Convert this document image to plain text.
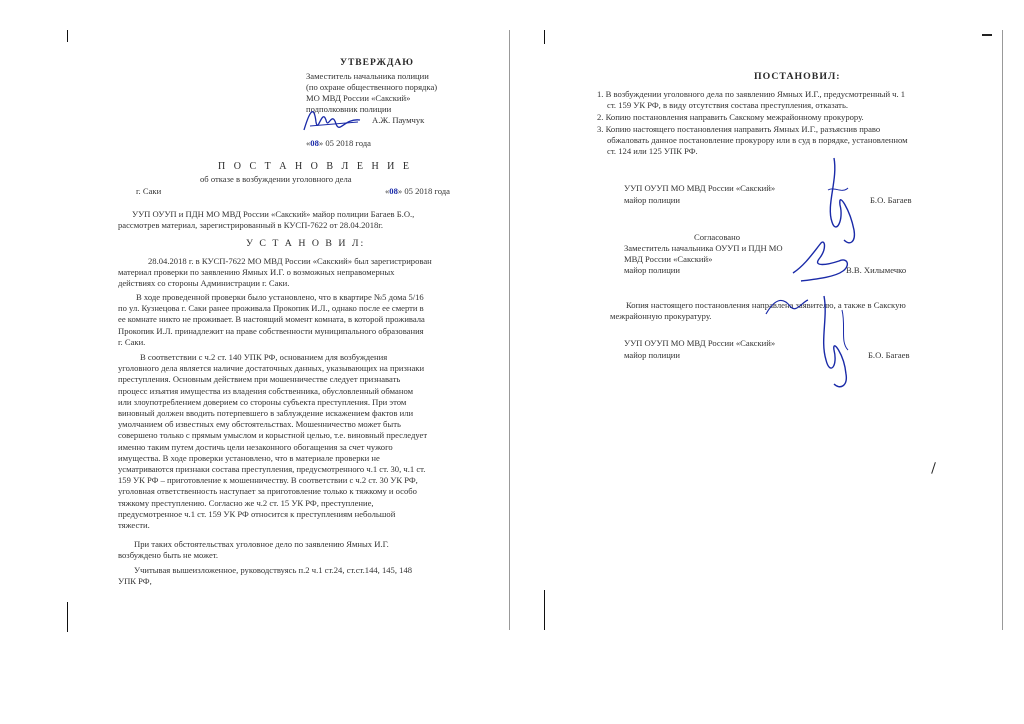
УТВЕРЖДАЮ
Заместитель начальника полиции
(по охране общественного порядка)
МО МВД России «Сакский»
подполковник полиции
А.Ж. Паумчук
«08» 05 2018 года
П О С Т А Н О В Л Е Н И Е
об отказе в возбуждении уголовного дела
г. Саки	«08» 05 2018 года
УУП ОУУП и ПДН МО МВД России «Сакский» майор полиции Багаев Б.О.,
рассмотрев материал, зарегистрированный в КУСП-7622 от 28.04.2018г.
У С Т А Н О В И Л:
28.04.2018 г. в КУСП-7622 МО МВД России «Сакский» был зарегистрирован
материал проверки по заявлению Ямных И.Г. о возможных неправомерных
действиях со стороны Администрации г. Саки.
В ходе проведенной проверки было установлено, что в квартире №5 дома 5/16
по ул. Кузнецова г. Саки ранее проживала Прокопик И.Л., однако после ее смерти в
ее комнате никто не проживает. В настоящий момент комната, в которой проживала
Прокопик И.Л. принадлежит на праве собственности муниципального образования
г. Саки.
В соответствии с ч.2 ст. 140 УПК РФ, основанием для возбуждения
уголовного дела является наличие достаточных данных, указывающих на признаки
преступления. Основным действием при мошенничестве следует признавать
процесс изъятия имущества из владения собственника, обусловленный обманом
или злоупотреблением доверием со стороны субъекта преступления. При этом
виновный должен вводить потерпевшего в заблуждение искажением фактов или
умолчанием об известных ему обстоятельствах. Мошенничество может быть
совершено только с прямым умыслом и корыстной целью, т.е. виновный преследует
именно таким путем достичь цели незаконного обогащения за счет чужого
имущества. В ходе проверки установлено, что в материале проверки не
усматриваются признаки состава преступления, предусмотренного ч.1 ст. 30, ч.1 ст.
159 УК РФ – приготовление к мошенничеству. В соответствии с ч.2 ст. 30 УК РФ,
уголовная ответственность наступает за приготовление только к тяжкому и особо
тяжкому преступлению. Согласно же ч.2 ст. 15 УК РФ, преступление,
предусмотренное ч.1 ст. 159 УК РФ относится к преступлениям небольшой
тяжести.
При таких обстоятельствах уголовное дело по заявлению Ямных И.Г.
возбуждено быть не может.
Учитывая вышеизложенное, руководствуясь п.2 ч.1 ст.24, ст.ст.144, 145, 148
УПК РФ,
ПОСТАНОВИЛ:
1. В возбуждении уголовного дела по заявлению Ямных И.Г., предусмотренный ч. 1
ст. 159 УК РФ, в виду отсутствия состава преступления, отказать.
2. Копию постановления направить Сакскому межрайонному прокурору.
3. Копию настоящего постановления направить Ямных И.Г., разъяснив право
обжаловать данное постановление прокурору или в суд в порядке, установленном
ст. 124 или 125 УПК РФ.
УУП ОУУП МО МВД России «Сакский»
майор полиции	Б.О. Багаев
Согласовано
Заместитель начальника ОУУП и ПДН МО
МВД России «Сакский»
майор полиции	В.В. Хилымечко
Копия настоящего постановления направлена заявителю, а также в Сакскую
межрайонную прокуратуру.
УУП ОУУП МО МВД России «Сакский»
майор полиции	Б.О. Багаев
